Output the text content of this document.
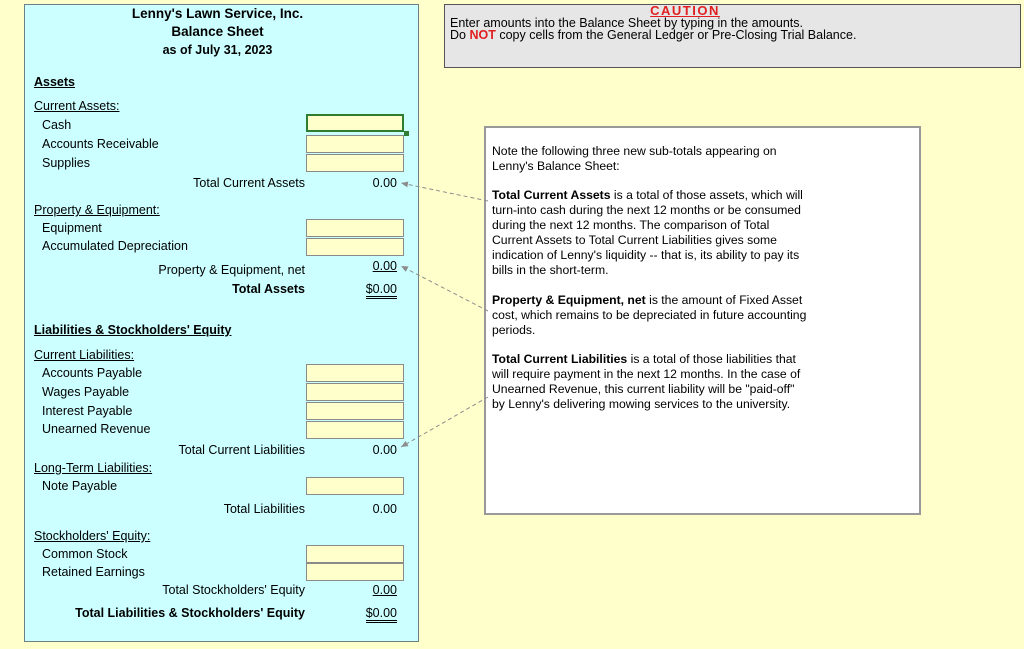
Lenny's Lawn Service, Inc.
Balance Sheet
as of July 31, 2023
Assets
Current Assets:
Cash
Accounts Receivable
Supplies
Total Current Assets	0.00
Property & Equipment:
Equipment
Accumulated Depreciation
Property & Equipment, net	0.00
Total Assets	$0.00
Liabilities & Stockholders' Equity
Current Liabilities:
Accounts Payable
Wages Payable
Interest Payable
Unearned Revenue
Total Current Liabilities	0.00
Long-Term Liabilities:
Note Payable
Total Liabilities	0.00
Stockholders' Equity:
Common Stock
Retained Earnings
Total Stockholders' Equity	0.00
Total Liabilities & Stockholders' Equity	$0.00
CAUTION
Enter amounts into the Balance Sheet by typing in the amounts.
Do NOT copy cells from the General Ledger or Pre-Closing Trial Balance.

Note the following three new sub-totals appearing on Lenny's Balance Sheet:

Total Current Assets is a total of those assets, which will turn-into cash during the next 12 months or be consumed during the next 12 months. The comparison of Total Current Assets to Total Current Liabilities gives some indication of Lenny's liquidity -- that is, its ability to pay its bills in the short-term.

Property & Equipment, net is the amount of Fixed Asset cost, which remains to be depreciated in future accounting periods.

Total Current Liabilities is a total of those liabilities that will require payment in the next 12 months. In the case of Unearned Revenue, this current liability will be "paid-off" by Lenny's delivering mowing services to the university.
